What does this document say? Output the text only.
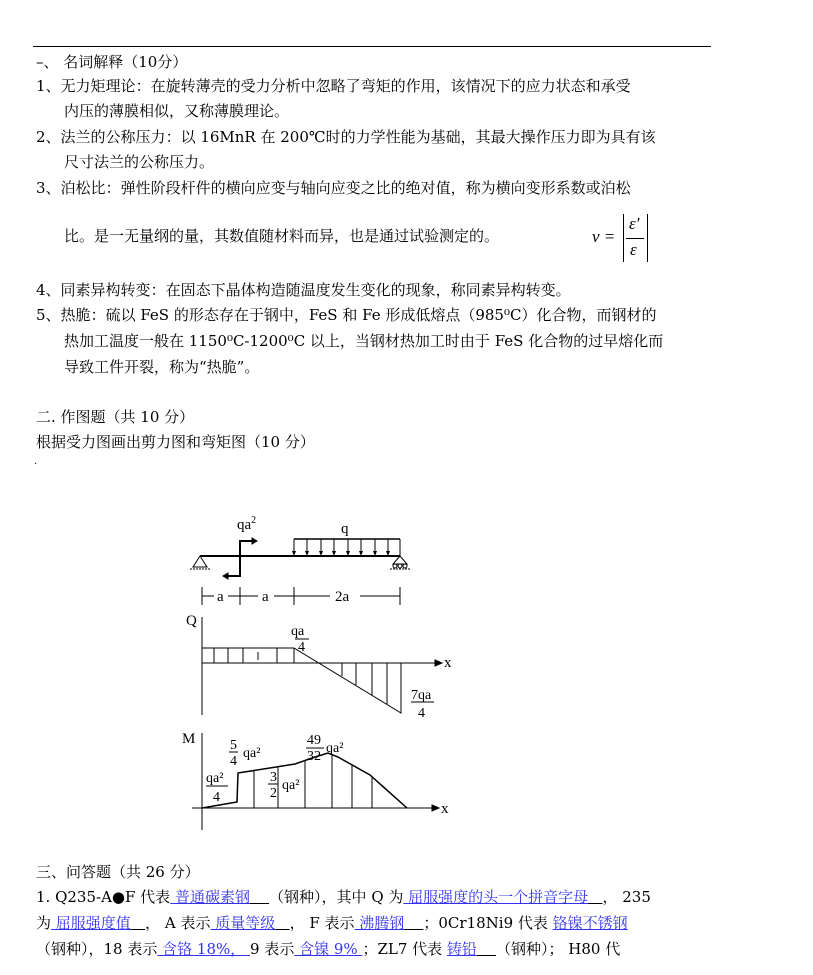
–、 名词解释（10分）
1、无力矩理论：在旋转薄壳的受力分析中忽略了弯矩的作用，该情况下的应力状态和承受
内压的薄膜相似，又称薄膜理论。
2、法兰的公称压力：以 16MnR 在 200℃时的力学性能为基础，其最大操作压力即为具有该
尺寸法兰的公称压力。
3、泊松比：弹性阶段杆件的横向应变与轴向应变之比的绝对值，称为横向变形系数或泊松
比。是一无量纲的量，其数值随材料而异，也是通过试验测定的。	ν =
ε′
ε
4、同素异构转变：在固态下晶体构造随温度发生变化的现象，称同素异构转变。
5、热脆：硫以 FeS 的形态存在于钢中，FeS 和 Fe 形成低熔点（985⁰C）化合物，而钢材的
热加工温度一般在 1150⁰C-1200⁰C 以上，当钢材热加工时由于 FeS 化合物的过早熔化而
导致工件开裂，称为“热脆”。
二. 作图题（共 10 分）
根据受力图画出剪力图和弯矩图（10 分）
.
$qa^2$
q
a	a	2a
Q
x
qa
4
7qa
4
M
x
qa²
4
5
4
qa²
3
2
qa²
49
32
qa²
三、问答题（共 26 分）
1. Q235-A●F 代表 普通碳素钢 （钢种），其中 Q 为 屈服强度的头一个拼音字母 ， 235
为 屈服强度值 ， A 表示 质量等级 ， F 表示 沸腾钢 ；0Cr18Ni9 代表 铬镍不锈钢
（钢种），18 表示 含铬 18%， 9 表示 含镍 9% ；ZL7 代表 铸铅 （钢种）； H80 代
